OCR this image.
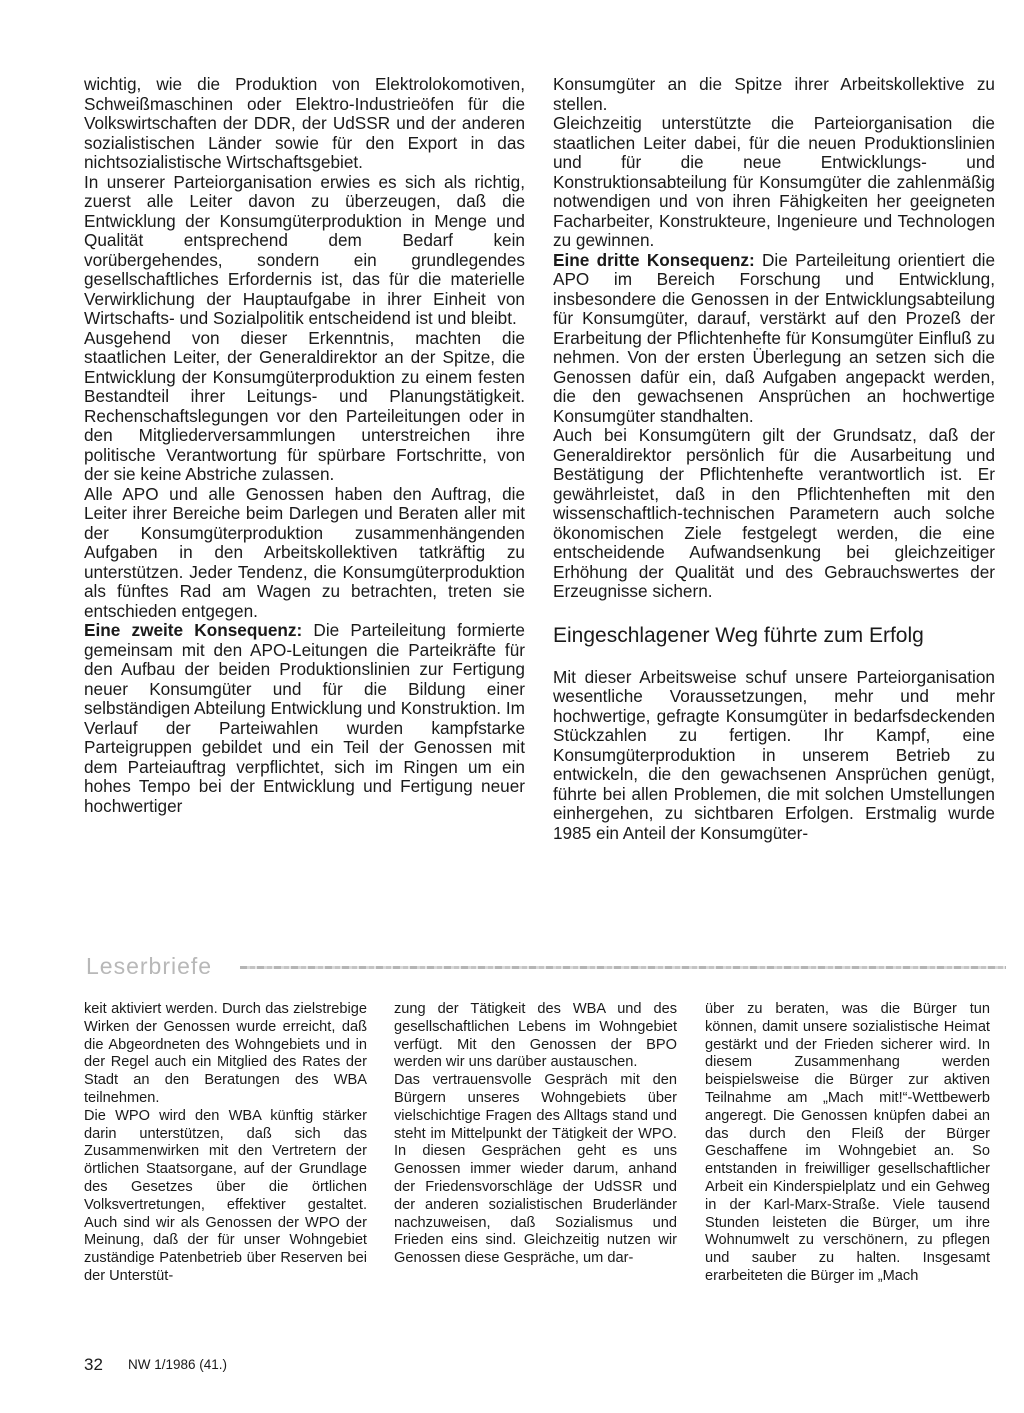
wichtig, wie die Produktion von Elektrolokomotiven, Schweißmaschinen oder Elektro-Industrieöfen für die Volkswirtschaften der DDR, der UdSSR und der anderen sozialistischen Länder sowie für den Export in das nichtsozialistische Wirtschaftsgebiet.

In unserer Parteiorganisation erwies es sich als richtig, zuerst alle Leiter davon zu überzeugen, daß die Entwicklung der Konsumgüterproduktion in Menge und Qualität entsprechend dem Bedarf kein vorübergehendes, sondern ein grundlegendes gesellschaftliches Erfordernis ist, das für die materielle Verwirklichung der Hauptaufgabe in ihrer Einheit von Wirtschafts- und Sozialpolitik entscheidend ist und bleibt.

Ausgehend von dieser Erkenntnis, machten die staatlichen Leiter, der Generaldirektor an der Spitze, die Entwicklung der Konsumgüterproduktion zu einem festen Bestandteil ihrer Leitungs- und Planungstätigkeit. Rechenschaftslegungen vor den Parteileitungen oder in den Mitgliederversammlungen unterstreichen ihre politische Verantwortung für spürbare Fortschritte, von der sie keine Abstriche zulassen.

Alle APO und alle Genossen haben den Auftrag, die Leiter ihrer Bereiche beim Darlegen und Beraten aller mit der Konsumgüterproduktion zusammenhängenden Aufgaben in den Arbeitskollektiven tatkräftig zu unterstützen. Jeder Tendenz, die Konsumgüterproduktion als fünftes Rad am Wagen zu betrachten, treten sie entschieden entgegen.

Eine zweite Konsequenz: Die Parteileitung formierte gemeinsam mit den APO-Leitungen die Parteikräfte für den Aufbau der beiden Produktionslinien zur Fertigung neuer Konsumgüter und für die Bildung einer selbständigen Abteilung Entwicklung und Konstruktion. Im Verlauf der Parteiwahlen wurden kampfstarke Parteigruppen gebildet und ein Teil der Genossen mit dem Parteiauftrag verpflichtet, sich im Ringen um ein hohes Tempo bei der Entwicklung und Fertigung neuer hochwertiger

Konsumgüter an die Spitze ihrer Arbeitskollektive zu stellen.

Gleichzeitig unterstützte die Parteiorganisation die staatlichen Leiter dabei, für die neuen Produktionslinien und für die neue Entwicklungs- und Konstruktionsabteilung für Konsumgüter die zahlenmäßig notwendigen und von ihren Fähigkeiten her geeigneten Facharbeiter, Konstrukteure, Ingenieure und Technologen zu gewinnen.

Eine dritte Konsequenz: Die Parteileitung orientiert die APO im Bereich Forschung und Entwicklung, insbesondere die Genossen in der Entwicklungsabteilung für Konsumgüter, darauf, verstärkt auf den Prozeß der Erarbeitung der Pflichtenhefte für Konsumgüter Einfluß zu nehmen. Von der ersten Überlegung an setzen sich die Genossen dafür ein, daß Aufgaben angepackt werden, die den gewachsenen Ansprüchen an hochwertige Konsumgüter standhalten.

Auch bei Konsumgütern gilt der Grundsatz, daß der Generaldirektor persönlich für die Ausarbeitung und Bestätigung der Pflichtenhefte verantwortlich ist. Er gewährleistet, daß in den Pflichtenheften mit den wissenschaftlich-technischen Parametern auch solche ökonomischen Ziele festgelegt werden, die eine entscheidende Aufwandsenkung bei gleichzeitiger Erhöhung der Qualität und des Gebrauchswertes der Erzeugnisse sichern.

Eingeschlagener Weg führte zum Erfolg

Mit dieser Arbeitsweise schuf unsere Parteiorganisation wesentliche Voraussetzungen, mehr und mehr hochwertige, gefragte Konsumgüter in bedarfsdeckenden Stückzahlen zu fertigen. Ihr Kampf, eine Konsumgüterproduktion in unserem Betrieb zu entwickeln, die den gewachsenen Ansprüchen genügt, führte bei allen Problemen, die mit solchen Umstellungen einhergehen, zu sichtbaren Erfolgen. Erstmalig wurde 1985 ein Anteil der Konsumgüter-

Leserbriefe

keit aktiviert werden. Durch das zielstrebige Wirken der Genossen wurde erreicht, daß die Abgeordneten des Wohngebiets und in der Regel auch ein Mitglied des Rates der Stadt an den Beratungen des WBA teilnehmen.

Die WPO wird den WBA künftig stärker darin unterstützen, daß sich das Zusammenwirken mit den Vertretern der örtlichen Staatsorgane, auf der Grundlage des Gesetzes über die örtlichen Volksvertretungen, effektiver gestaltet. Auch sind wir als Genossen der WPO der Meinung, daß der für unser Wohngebiet zuständige Patenbetrieb über Reserven bei der Unterstüt-

zung der Tätigkeit des WBA und des gesellschaftlichen Lebens im Wohngebiet verfügt. Mit den Genossen der BPO werden wir uns darüber austauschen.

Das vertrauensvolle Gespräch mit den Bürgern unseres Wohngebiets über vielschichtige Fragen des Alltags stand und steht im Mittelpunkt der Tätigkeit der WPO. In diesen Gesprächen geht es uns Genossen immer wieder darum, anhand der Friedensvorschläge der UdSSR und der anderen sozialistischen Bruderländer nachzuweisen, daß Sozialismus und Frieden eins sind. Gleichzeitig nutzen wir Genossen diese Gespräche, um dar-

über zu beraten, was die Bürger tun können, damit unsere sozialistische Heimat gestärkt und der Frieden sicherer wird. In diesem Zusammenhang werden beispielsweise die Bürger zur aktiven Teilnahme am „Mach mit!“-Wettbewerb angeregt. Die Genossen knüpfen dabei an das durch den Fleiß der Bürger Geschaffene im Wohngebiet an. So entstanden in freiwilliger gesellschaftlicher Arbeit ein Kinderspielplatz und ein Gehweg in der Karl-Marx-Straße. Viele tausend Stunden leisteten die Bürger, um ihre Wohnumwelt zu verschönern, zu pflegen und sauber zu halten. Insgesamt erarbeiteten die Bürger im „Mach

32 NW 1/1986 (41.)
